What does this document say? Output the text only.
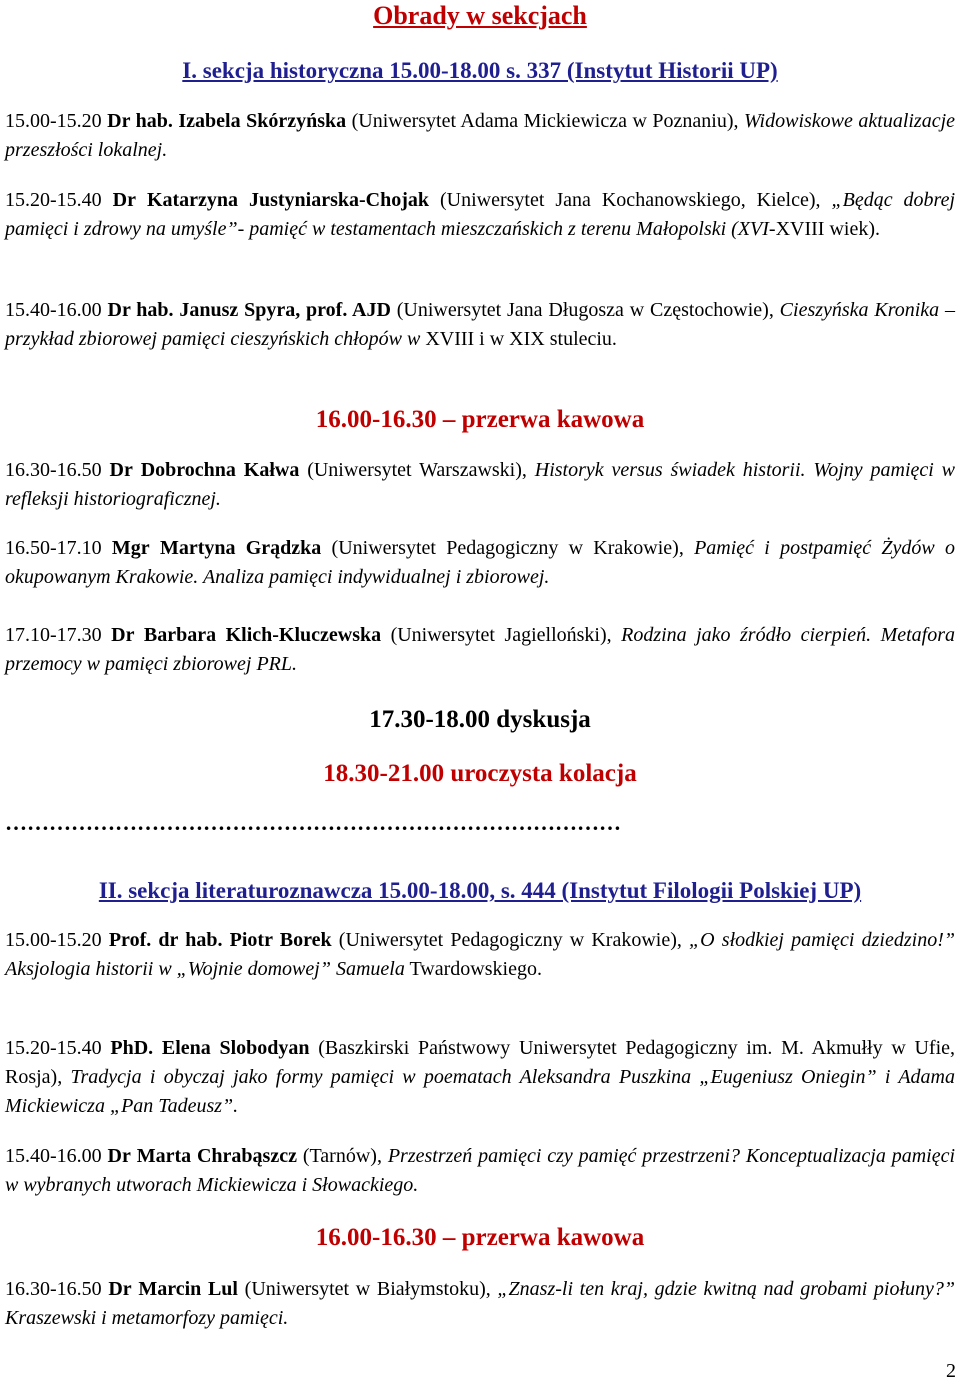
Obrady w sekcjach
I. sekcja historyczna 15.00-18.00 s. 337 (Instytut Historii UP)
15.00-15.20 Dr hab. Izabela Skórzyńska (Uniwersytet Adama Mickiewicza w Poznaniu), Widowiskowe aktualizacje przeszłości lokalnej.
15.20-15.40 Dr Katarzyna Justyniarska-Chojak (Uniwersytet Jana Kochanowskiego, Kielce), „Będąc dobrej pamięci i zdrowy na umyśle”- pamięć w testamentach mieszczańskich z terenu Małopolski (XVI-XVIII wiek).
15.40-16.00 Dr hab. Janusz Spyra, prof. AJD (Uniwersytet Jana Długosza w Częstochowie), Cieszyńska Kronika – przykład zbiorowej pamięci cieszyńskich chłopów w XVIII i w XIX stuleciu.
16.00-16.30 – przerwa kawowa
16.30-16.50 Dr Dobrochna Kałwa (Uniwersytet Warszawski), Historyk versus świadek historii. Wojny pamięci w refleksji historiograficznej.
16.50-17.10 Mgr Martyna Grądzka (Uniwersytet Pedagogiczny w Krakowie), Pamięć i postpamięć Żydów o okupowanym Krakowie. Analiza pamięci indywidualnej i zbiorowej.
17.10-17.30 Dr Barbara Klich-Kluczewska (Uniwersytet Jagielloński), Rodzina jako źródło cierpień. Metafora przemocy w pamięci zbiorowej PRL.
17.30-18.00 dyskusja
18.30-21.00 uroczysta kolacja
…………………………………………………………………………
II. sekcja literaturoznawcza 15.00-18.00, s. 444 (Instytut Filologii Polskiej UP)
15.00-15.20 Prof. dr hab. Piotr Borek (Uniwersytet Pedagogiczny w Krakowie), „O słodkiej pamięci dziedzino!” Aksjologia historii w „Wojnie domowej” Samuela Twardowskiego.
15.20-15.40 PhD. Elena Slobodyan (Baszkirski Państwowy Uniwersytet Pedagogiczny im. M. Akmułły w Ufie, Rosja), Tradycja i obyczaj jako formy pamięci w poematach Aleksandra Puszkina „Eugeniusz Oniegin” i Adama Mickiewicza „Pan Tadeusz”.
15.40-16.00 Dr Marta Chrabąszcz (Tarnów), Przestrzeń pamięci czy pamięć przestrzeni? Konceptualizacja pamięci w wybranych utworach Mickiewicza i Słowackiego.
16.00-16.30 – przerwa kawowa
16.30-16.50 Dr Marcin Lul (Uniwersytet w Białymstoku), „Znasz-li ten kraj, gdzie kwitną nad grobami piołuny?” Kraszewski i metamorfozy pamięci.
2
